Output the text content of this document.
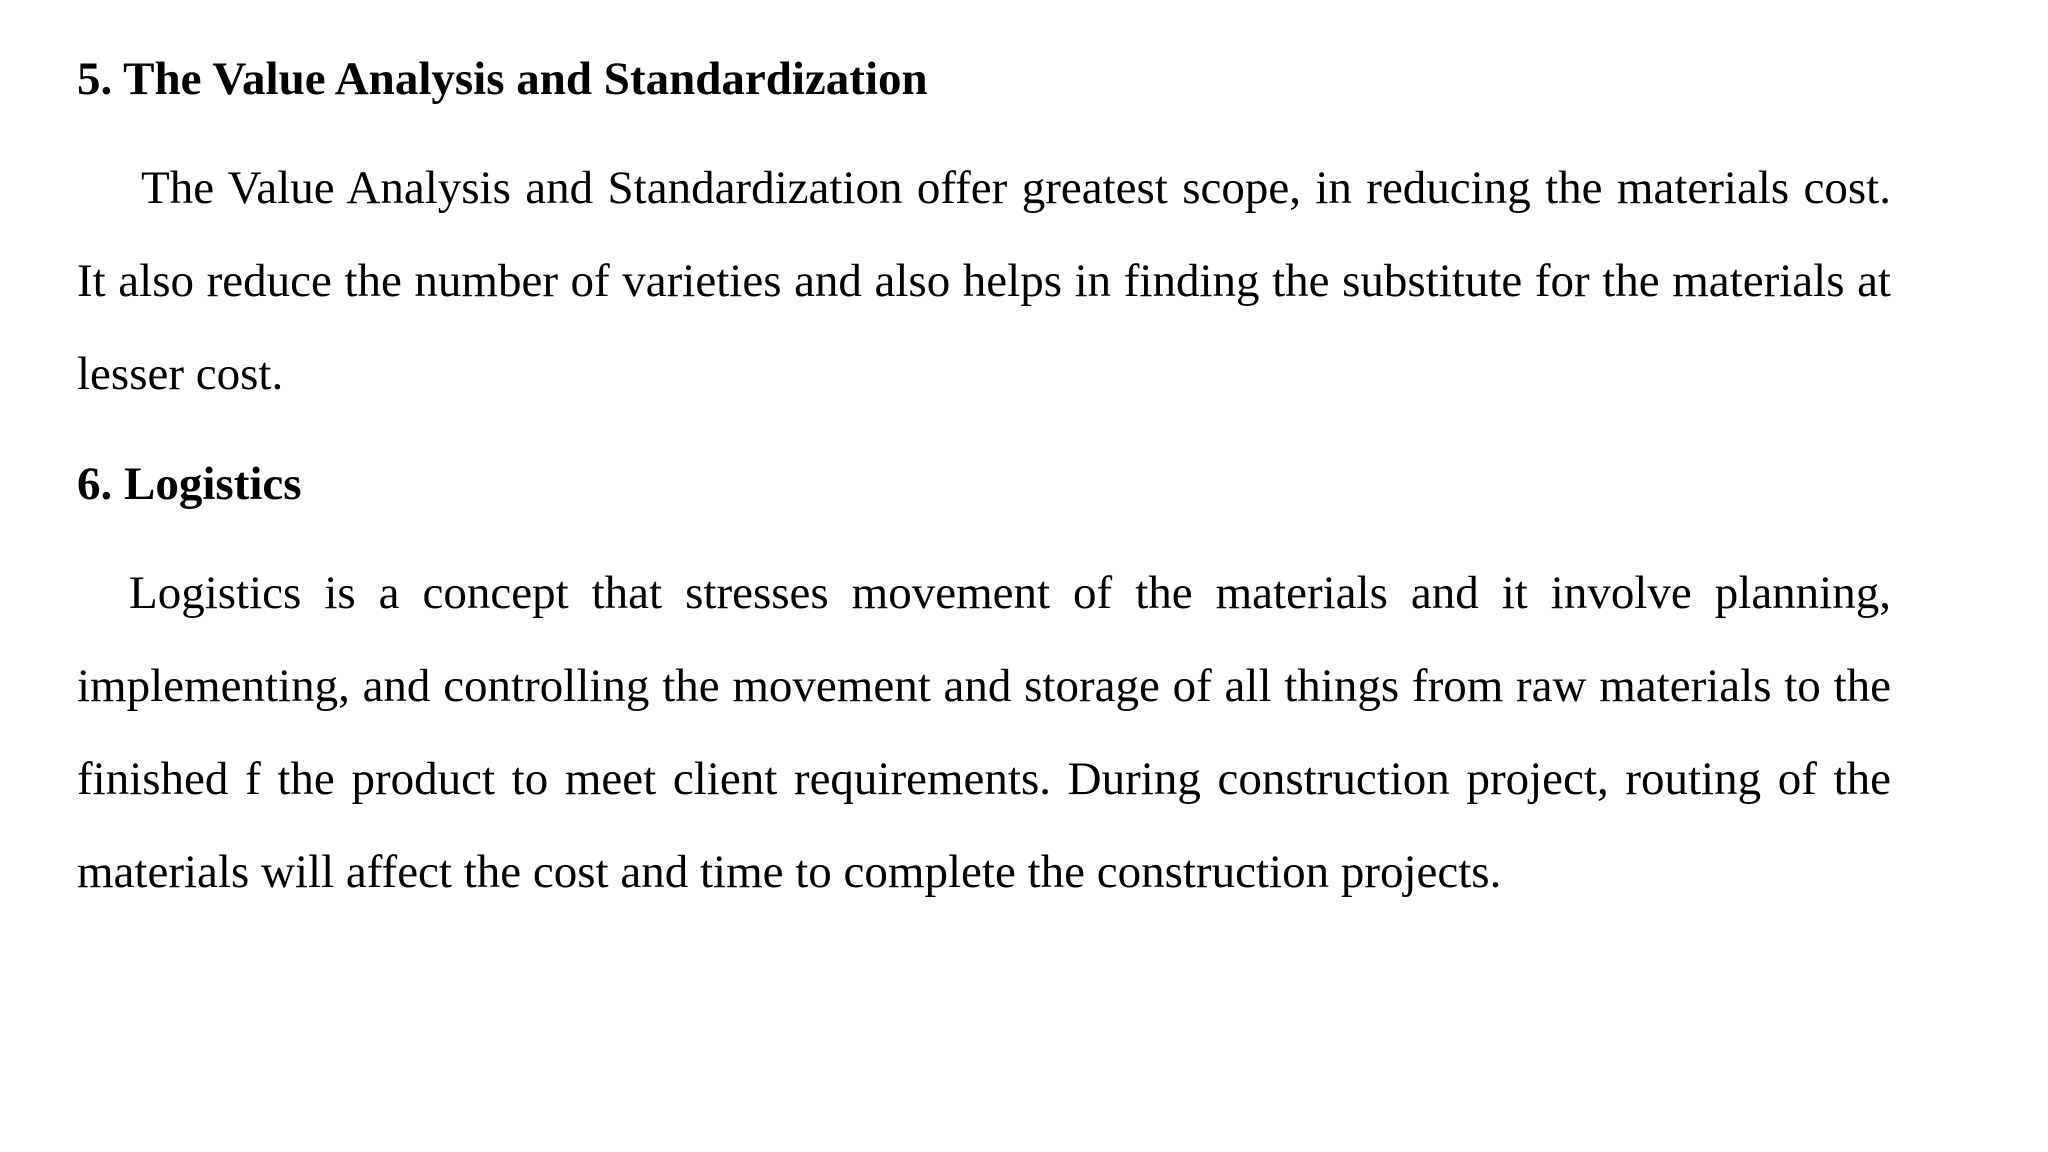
5. The Value Analysis and Standardization

The Value Analysis and Standardization offer greatest scope, in reducing the materials cost. It also reduce the number of varieties and also helps in finding the substitute for the materials at lesser cost.

6. Logistics

Logistics is a concept that stresses movement of the materials and it involve planning, implementing, and controlling the movement and storage of all things from raw materials to the finished f the product to meet client requirements. During construction project, routing of the materials will affect the cost and time to complete the construction projects.
